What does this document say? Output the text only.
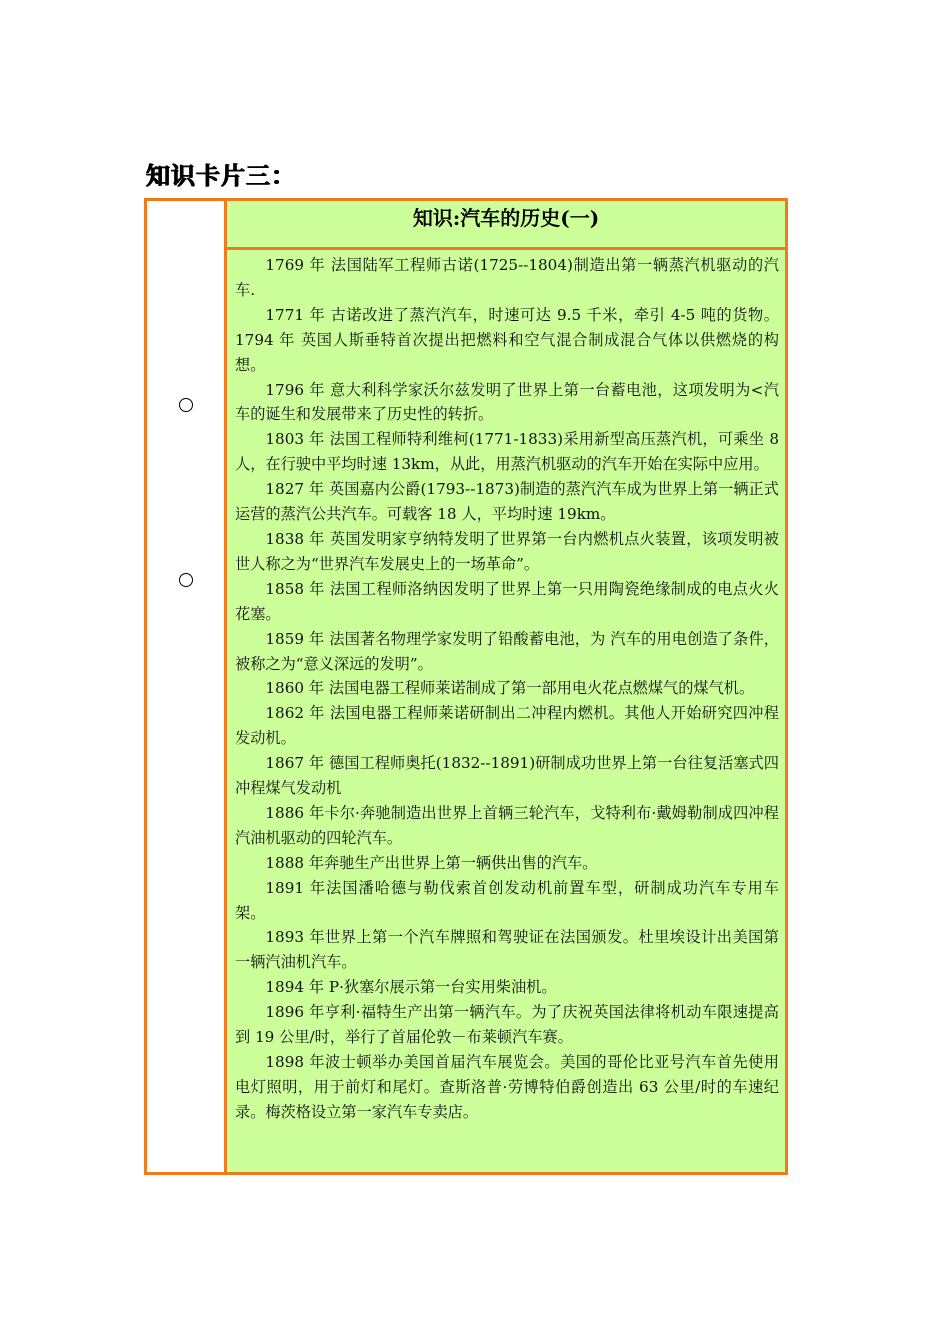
知识卡片三：
知识:汽车的历史(一)

1769 年 法国陆军工程师古诺(1725--1804)制造出第一辆蒸汽机驱动的汽车.

1771 年 古诺改进了蒸汽汽车，时速可达 9.5 千米，牵引 4-5 吨的货物。 1794 年 英国人斯垂特首次提出把燃料和空气混合制成混合气体以供燃烧的构想。

1796 年 意大利科学家沃尔兹发明了世界上第一台蓄电池，这项发明为<汽车的诞生和发展带来了历史性的转折。

1803 年 法国工程师特利维柯(1771-1833)采用新型高压蒸汽机，可乘坐 8 人，在行驶中平均时速 13km，从此，用蒸汽机驱动的汽车开始在实际中应用。

1827 年 英国嘉内公爵(1793--1873)制造的蒸汽汽车成为世界上第一辆正式运营的蒸汽公共汽车。可载客 18 人，平均时速 19km。

1838 年 英国发明家亨纳特发明了世界第一台内燃机点火装置，该项发明被世人称之为“世界汽车发展史上的一场革命”。

1858 年 法国工程师洛纳因发明了世界上第一只用陶瓷绝缘制成的电点火火花塞。

1859 年 法国著名物理学家发明了铅酸蓄电池，为 汽车的用电创造了条件，被称之为“意义深远的发明”。

1860 年 法国电器工程师莱诺制成了第一部用电火花点燃煤气的煤气机。

1862 年 法国电器工程师莱诺研制出二冲程内燃机。其他人开始研究四冲程发动机。

1867 年 德国工程师奥托(1832--1891)研制成功世界上第一台往复活塞式四冲程煤气发动机

1886 年卡尔·奔驰制造出世界上首辆三轮汽车，戈特利布·戴姆勒制成四冲程汽油机驱动的四轮汽车。

1888 年奔驰生产出世界上第一辆供出售的汽车。

1891 年法国潘哈德与勒伐索首创发动机前置车型，研制成功汽车专用车架。

1893 年世界上第一个汽车牌照和驾驶证在法国颁发。杜里埃设计出美国第一辆汽油机汽车。

1894 年 P·狄塞尔展示第一台实用柴油机。

1896 年亨利·福特生产出第一辆汽车。为了庆祝英国法律将机动车限速提高到 19 公里/时，举行了首届伦敦－布莱顿汽车赛。

1898 年波士顿举办美国首届汽车展览会。美国的哥伦比亚号汽车首先使用电灯照明，用于前灯和尾灯。查斯洛普·劳博特伯爵创造出 63 公里/时的车速纪录。梅茨格设立第一家汽车专卖店。
